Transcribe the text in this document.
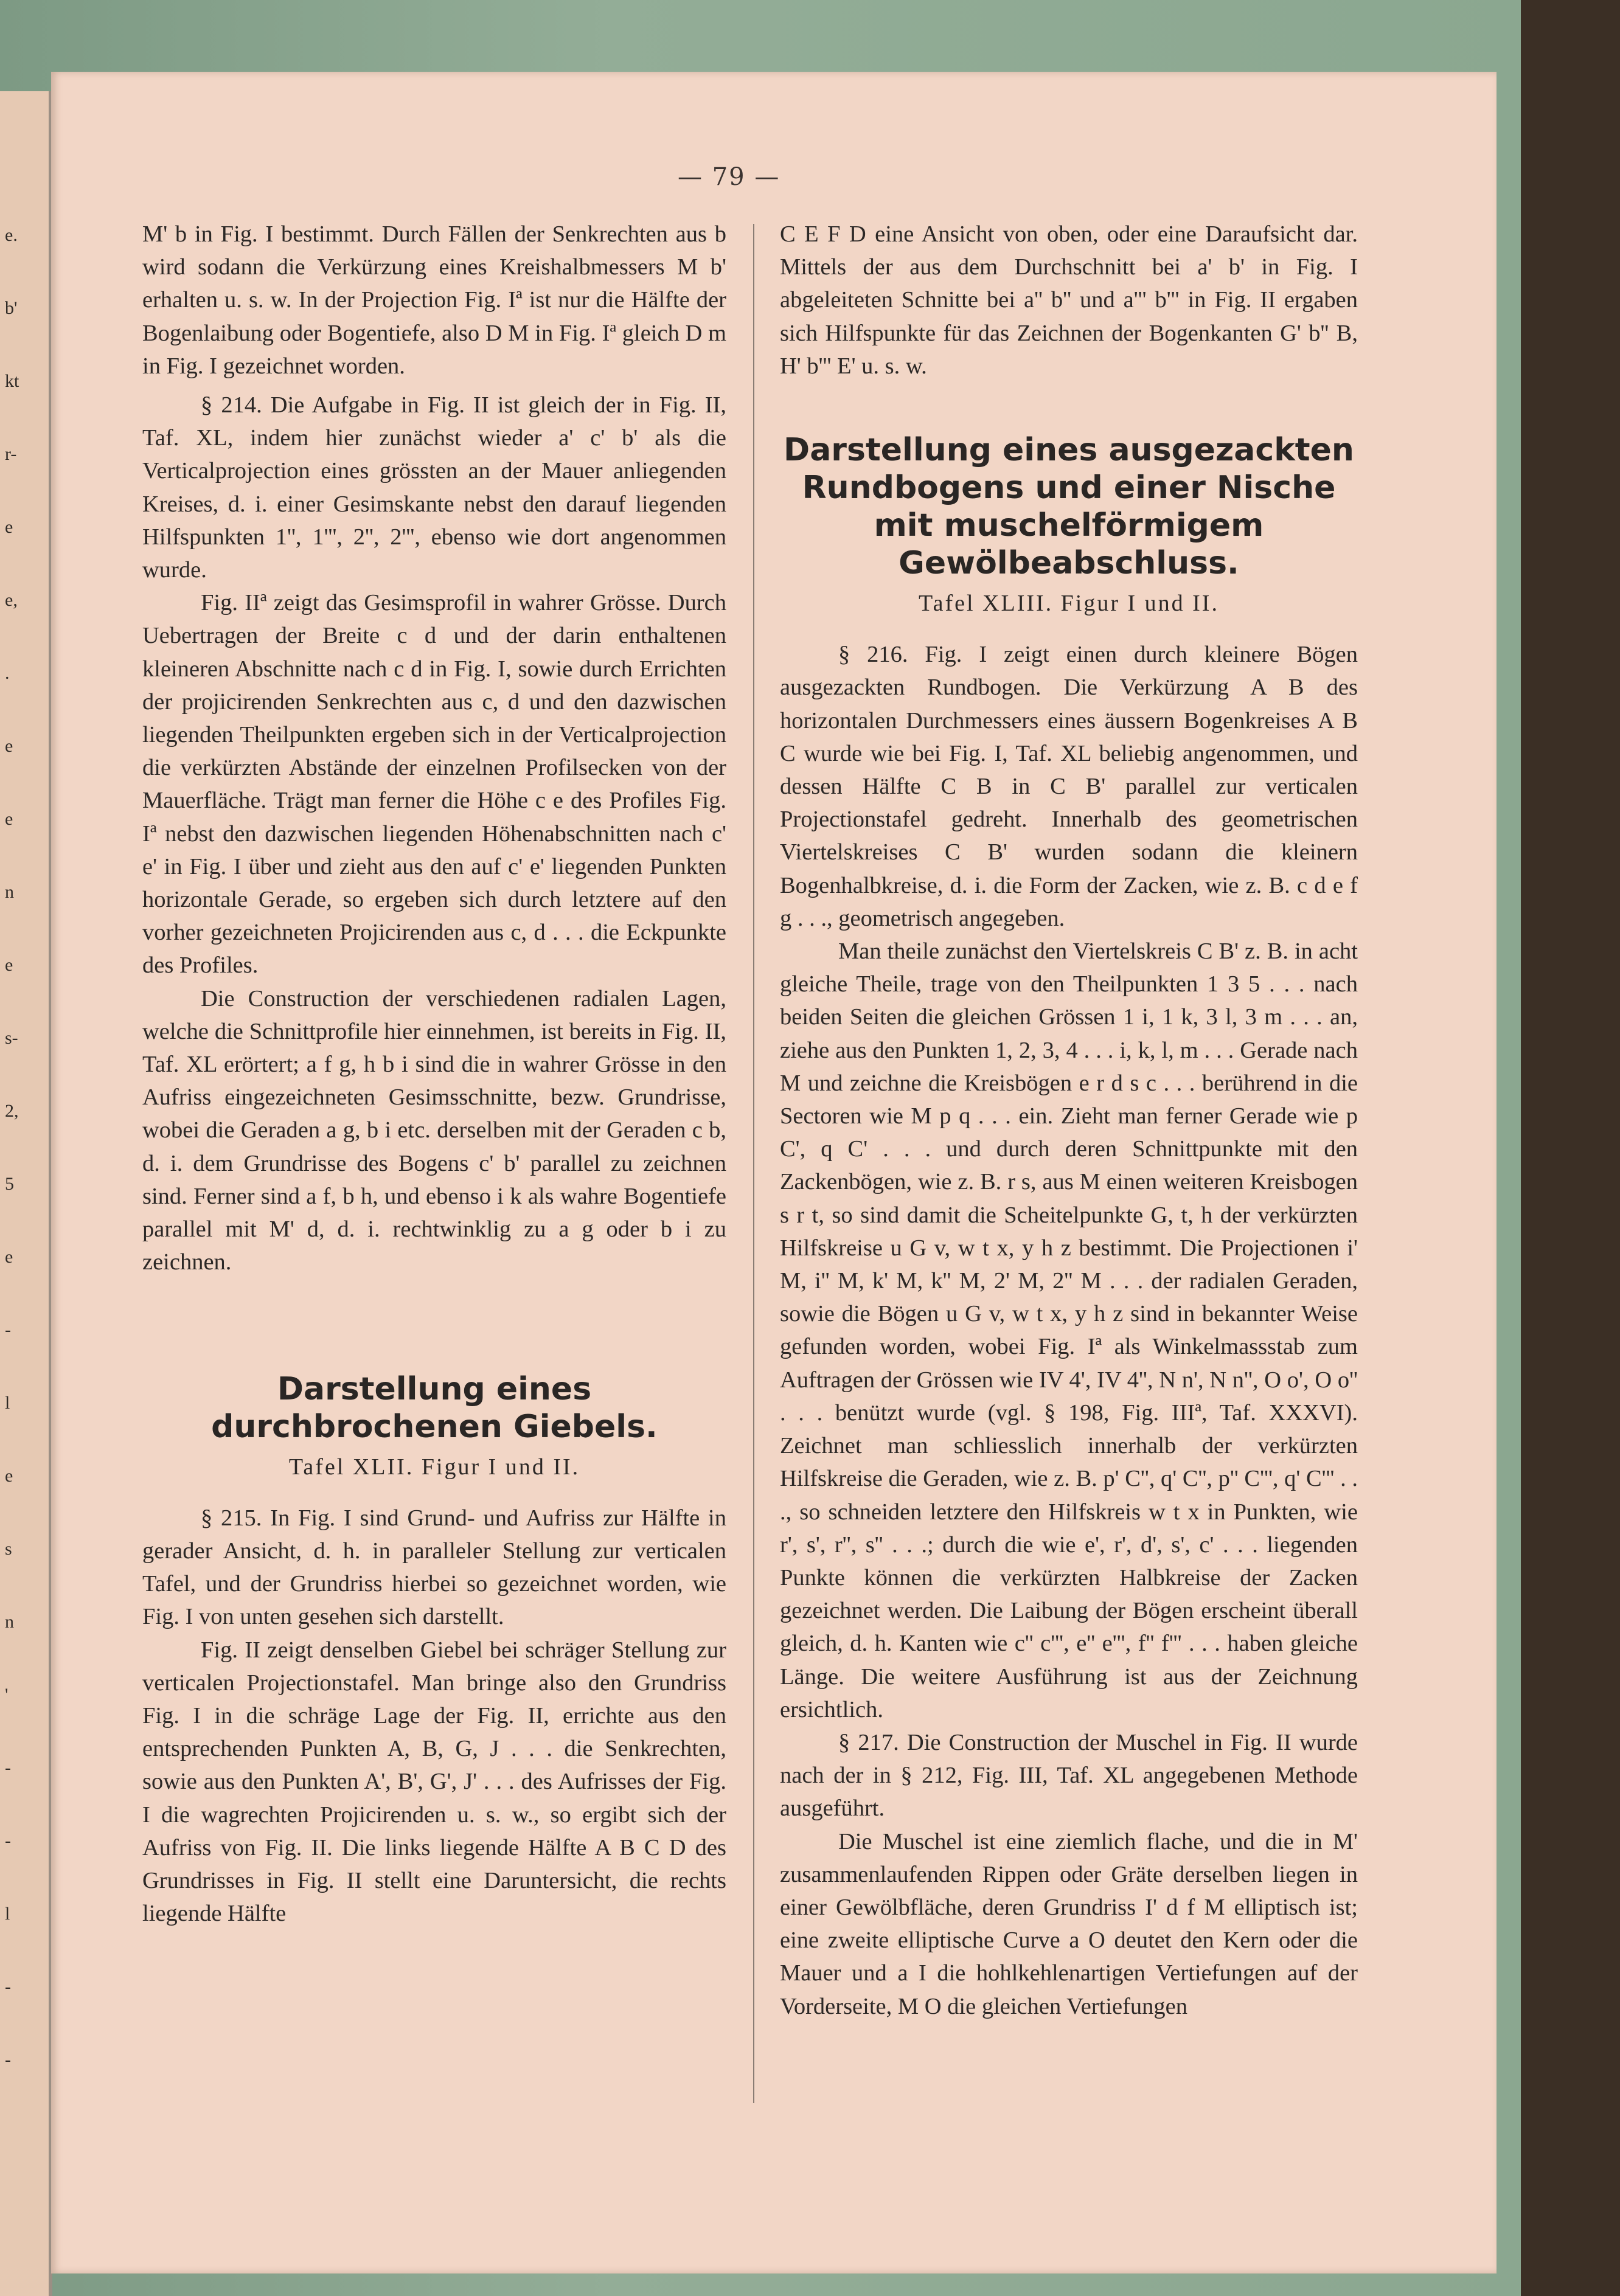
e.
b'
kt
r-
e
e,
.
e
e
n
e
s-
2,
5
e
-
l
e
s
n
'
-
-
l
-
-
— 79 —

M' b in Fig. I bestimmt. Durch Fällen der Senkrechten aus b wird sodann die Verkürzung eines Kreishalbmessers M b' erhalten u. s. w. In der Projection Fig. Iª ist nur die Hälfte der Bogenlaibung oder Bogentiefe, also D M in Fig. Iª gleich D m in Fig. I gezeichnet worden.

§ 214. Die Aufgabe in Fig. II ist gleich der in Fig. II, Taf. XL, indem hier zunächst wieder a' c' b' als die Verticalprojection eines grössten an der Mauer anliegenden Kreises, d. i. einer Gesimskante nebst den darauf liegenden Hilfspunkten 1'', 1''', 2'', 2''', ebenso wie dort angenommen wurde.

Fig. IIª zeigt das Gesimsprofil in wahrer Grösse. Durch Uebertragen der Breite c d und der darin enthaltenen kleineren Abschnitte nach c d in Fig. I, sowie durch Errichten der projicirenden Senkrechten aus c, d und den dazwischen liegenden Theilpunkten ergeben sich in der Verticalprojection die verkürzten Abstände der einzelnen Profilsecken von der Mauerfläche. Trägt man ferner die Höhe c e des Profiles Fig. Iª nebst den dazwischen liegenden Höhenabschnitten nach c' e' in Fig. I über und zieht aus den auf c' e' liegenden Punkten horizontale Gerade, so ergeben sich durch letztere auf den vorher gezeichneten Projicirenden aus c, d . . . die Eckpunkte des Profiles.

Die Construction der verschiedenen radialen Lagen, welche die Schnittprofile hier einnehmen, ist bereits in Fig. II, Taf. XL erörtert; a f g, h b i sind die in wahrer Grösse in den Aufriss eingezeichneten Gesimsschnitte, bezw. Grundrisse, wobei die Geraden a g, b i etc. derselben mit der Geraden c b, d. i. dem Grundrisse des Bogens c' b' parallel zu zeichnen sind. Ferner sind a f, b h, und ebenso i k als wahre Bogentiefe parallel mit M' d, d. i. rechtwinklig zu a g oder b i zu zeichnen.

Darstellung eines durchbrochenen Giebels.
Tafel XLII. Figur I und II.

§ 215. In Fig. I sind Grund- und Aufriss zur Hälfte in gerader Ansicht, d. h. in paralleler Stellung zur verticalen Tafel, und der Grundriss hierbei so gezeichnet worden, wie Fig. I von unten gesehen sich darstellt.

Fig. II zeigt denselben Giebel bei schräger Stellung zur verticalen Projectionstafel. Man bringe also den Grundriss Fig. I in die schräge Lage der Fig. II, errichte aus den entsprechenden Punkten A, B, G, J . . . die Senkrechten, sowie aus den Punkten A', B', G', J' . . . des Aufrisses der Fig. I die wagrechten Projicirenden u. s. w., so ergibt sich der Aufriss von Fig. II. Die links liegende Hälfte A B C D des Grundrisses in Fig. II stellt eine Daruntersicht, die rechts liegende Hälfte

C E F D eine Ansicht von oben, oder eine Daraufsicht dar. Mittels der aus dem Durchschnitt bei a' b' in Fig. I abgeleiteten Schnitte bei a'' b'' und a''' b''' in Fig. II ergaben sich Hilfspunkte für das Zeichnen der Bogenkanten G' b'' B, H' b''' E' u. s. w.

Darstellung eines ausgezackten Rundbogens und einer Nische mit muschelförmigem Gewölbeabschluss.
Tafel XLIII. Figur I und II.

§ 216. Fig. I zeigt einen durch kleinere Bögen ausgezackten Rundbogen. Die Verkürzung A B des horizontalen Durchmessers eines äussern Bogenkreises A B C wurde wie bei Fig. I, Taf. XL beliebig angenommen, und dessen Hälfte C B in C B' parallel zur verticalen Projectionstafel gedreht. Innerhalb des geometrischen Viertelskreises C B' wurden sodann die kleinern Bogenhalbkreise, d. i. die Form der Zacken, wie z. B. c d e f g . . ., geometrisch angegeben.

Man theile zunächst den Viertelskreis C B' z. B. in acht gleiche Theile, trage von den Theilpunkten 1 3 5 . . . nach beiden Seiten die gleichen Grössen 1 i, 1 k, 3 l, 3 m . . . an, ziehe aus den Punkten 1, 2, 3, 4 . . . i, k, l, m . . . Gerade nach M und zeichne die Kreisbögen e r d s c . . . berührend in die Sectoren wie M p q . . . ein. Zieht man ferner Gerade wie p C', q C' . . . und durch deren Schnittpunkte mit den Zackenbögen, wie z. B. r s, aus M einen weiteren Kreisbogen s r t, so sind damit die Scheitelpunkte G, t, h der verkürzten Hilfskreise u G v, w t x, y h z bestimmt. Die Projectionen i' M, i'' M, k' M, k'' M, 2' M, 2'' M . . . der radialen Geraden, sowie die Bögen u G v, w t x, y h z sind in bekannter Weise gefunden worden, wobei Fig. Iª als Winkelmassstab zum Auftragen der Grössen wie IV 4', IV 4'', N n', N n'', O o', O o'' . . . benützt wurde (vgl. § 198, Fig. IIIª, Taf. XXXVI). Zeichnet man schliesslich innerhalb der verkürzten Hilfskreise die Geraden, wie z. B. p' C'', q' C'', p'' C''', q' C''' . . ., so schneiden letztere den Hilfskreis w t x in Punkten, wie r', s', r'', s'' . . .; durch die wie e', r', d', s', c' . . . liegenden Punkte können die verkürzten Halbkreise der Zacken gezeichnet werden. Die Laibung der Bögen erscheint überall gleich, d. h. Kanten wie c'' c''', e'' e''', f'' f''' . . . haben gleiche Länge. Die weitere Ausführung ist aus der Zeichnung ersichtlich.

§ 217. Die Construction der Muschel in Fig. II wurde nach der in § 212, Fig. III, Taf. XL angegebenen Methode ausgeführt.

Die Muschel ist eine ziemlich flache, und die in M' zusammenlaufenden Rippen oder Gräte derselben liegen in einer Gewölbfläche, deren Grundriss I' d f M elliptisch ist; eine zweite elliptische Curve a O deutet den Kern oder die Mauer und a I die hohlkehlenartigen Vertiefungen auf der Vorderseite, M O die gleichen Vertiefungen
